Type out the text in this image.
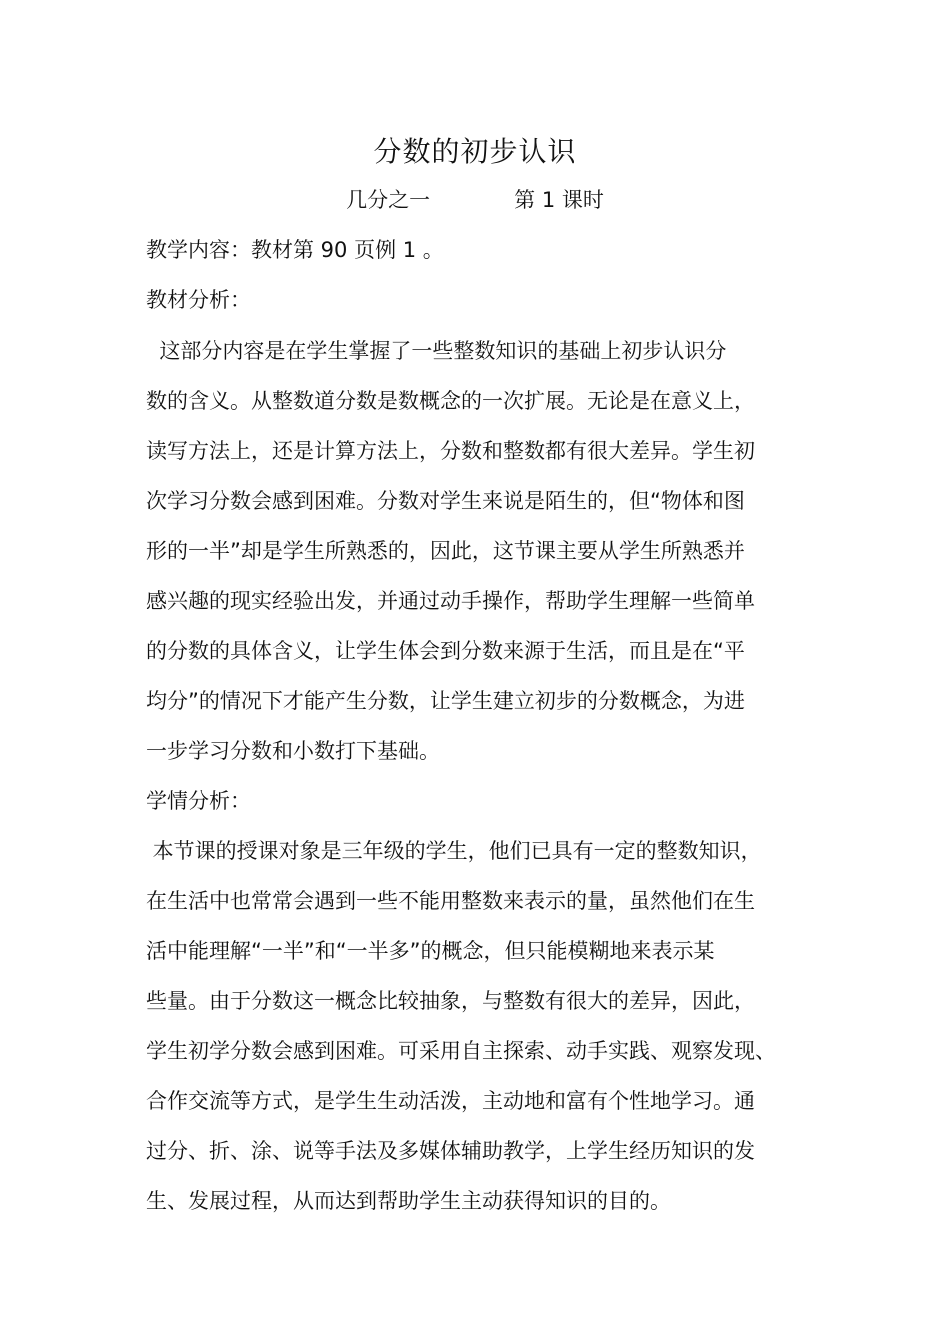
分数的初步认识
几分之一	第 1 课时
教学内容：教材第 90 页例 1 。
教材分析：
这部分内容是在学生掌握了一些整数知识的基础上初步认识分
数的含义。从整数道分数是数概念的一次扩展。无论是在意义上，
读写方法上，还是计算方法上，分数和整数都有很大差异。学生初
次学习分数会感到困难。分数对学生来说是陌生的，但“物体和图
形的一半”却是学生所熟悉的，因此，这节课主要从学生所熟悉并
感兴趣的现实经验出发，并通过动手操作，帮助学生理解一些简单
的分数的具体含义，让学生体会到分数来源于生活，而且是在“平
均分”的情况下才能产生分数，让学生建立初步的分数概念，为进
一步学习分数和小数打下基础。
学情分析：
本节课的授课对象是三年级的学生，他们已具有一定的整数知识，
在生活中也常常会遇到一些不能用整数来表示的量，虽然他们在生
活中能理解“一半”和“一半多”的概念，但只能模糊地来表示某
些量。由于分数这一概念比较抽象，与整数有很大的差异，因此，
学生初学分数会感到困难。可采用自主探索、动手实践、观察发现、
合作交流等方式，是学生生动活泼，主动地和富有个性地学习。通
过分、折、涂、说等手法及多媒体辅助教学，上学生经历知识的发
生、发展过程，从而达到帮助学生主动获得知识的目的。
